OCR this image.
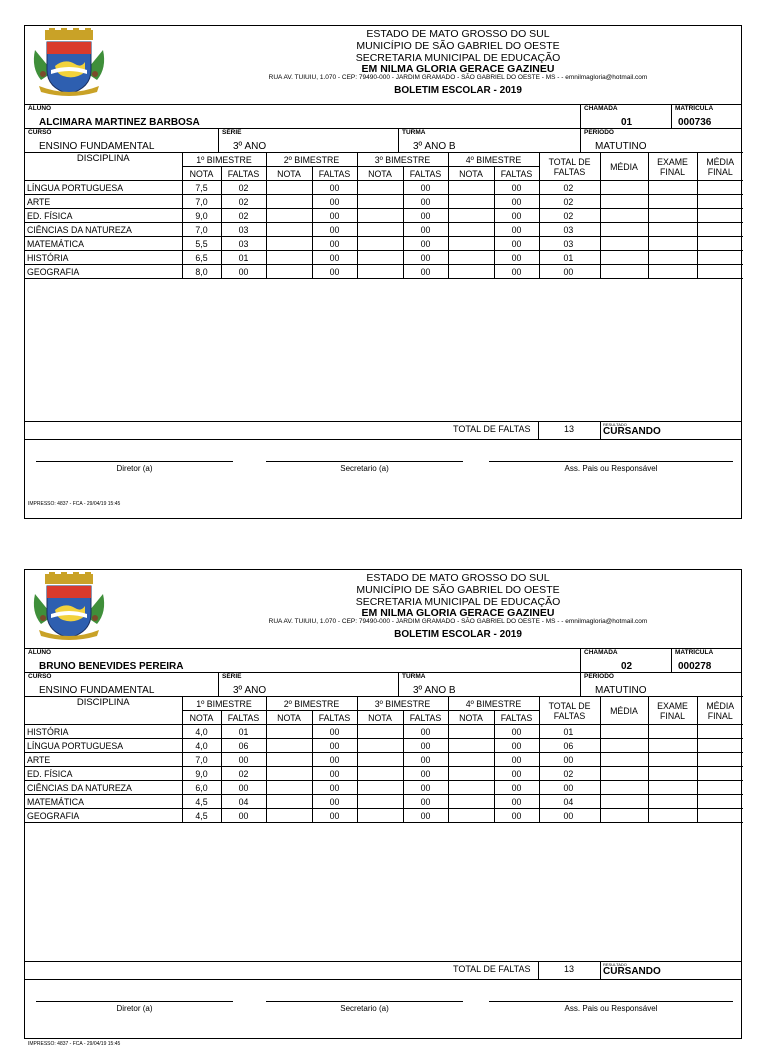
ESTADO DE MATO GROSSO DO SUL
MUNICÍPIO DE SÃO GABRIEL DO OESTE
SECRETARIA MUNICIPAL DE EDUCAÇÃO
EM NILMA GLORIA GERACE GAZINEU
RUA AV. TUIUIU, 1.070 - CEP: 79490-000 - JARDIM GRAMADO - SÃO GABRIEL DO OESTE - MS - - emnilmagloria@hotmail.com
BOLETIM ESCOLAR - 2019
ALUNO
ALCIMARA MARTINEZ BARBOSA
CHAMADA
01
MATRÍCULA
000736
CURSO
ENSINO FUNDAMENTAL
SÉRIE
3º ANO
TURMA
3º ANO B
PERÍODO
MATUTINO
DISCIPLINA	1º BIMESTRE		2º BIMESTRE		3º BIMESTRE		4º BIMESTRE		TOTAL DE
FALTAS	MÉDIA	EXAME
FINAL	MÉDIA
FINAL
	NOTA	FALTAS	NOTA	FALTAS	NOTA	FALTAS	NOTA	FALTAS				
LÍNGUA PORTUGUESA	7,5	02		00		00		00	02			
ARTE	7,0	02		00		00		00	02			
ED. FÍSICA	9,0	02		00		00		00	02			
CIÊNCIAS DA NATUREZA	7,0	03		00		00		00	03			
MATEMÁTICA	5,5	03		00		00		00	03			
HISTÓRIA	6,5	01		00		00		00	01			
GEOGRAFIA	8,0	00		00		00		00	00			

TOTAL DE FALTAS	13	RESULTADO
CURSANDO
Diretor (a)	Secretario (a)	Ass. Pais ou Responsável
IMPRESSO: 4837 - FCA - 29/04/19 15:45
ESTADO DE MATO GROSSO DO SUL
MUNICÍPIO DE SÃO GABRIEL DO OESTE
SECRETARIA MUNICIPAL DE EDUCAÇÃO
EM NILMA GLORIA GERACE GAZINEU
RUA AV. TUIUIU, 1.070 - CEP: 79490-000 - JARDIM GRAMADO - SÃO GABRIEL DO OESTE - MS - - emnilmagloria@hotmail.com
BOLETIM ESCOLAR - 2019
ALUNO
BRUNO BENEVIDES PEREIRA
CHAMADA
02
MATRÍCULA
000278
CURSO
ENSINO FUNDAMENTAL
SÉRIE
3º ANO
TURMA
3º ANO B
PERÍODO
MATUTINO
DISCIPLINA	1º BIMESTRE		2º BIMESTRE		3º BIMESTRE		4º BIMESTRE		TOTAL DE
FALTAS	MÉDIA	EXAME
FINAL	MÉDIA
FINAL
	NOTA	FALTAS	NOTA	FALTAS	NOTA	FALTAS	NOTA	FALTAS				
HISTÓRIA	4,0	01		00		00		00	01			
LÍNGUA PORTUGUESA	4,0	06		00		00		00	06			
ARTE	7,0	00		00		00		00	00			
ED. FÍSICA	9,0	02		00		00		00	02			
CIÊNCIAS DA NATUREZA	6,0	00		00		00		00	00			
MATEMÁTICA	4,5	04		00		00		00	04			
GEOGRAFIA	4,5	00		00		00		00	00			

TOTAL DE FALTAS	13	RESULTADO
CURSANDO
Diretor (a)	Secretario (a)	Ass. Pais ou Responsável
IMPRESSO: 4837 - FCA - 29/04/19 15:45
